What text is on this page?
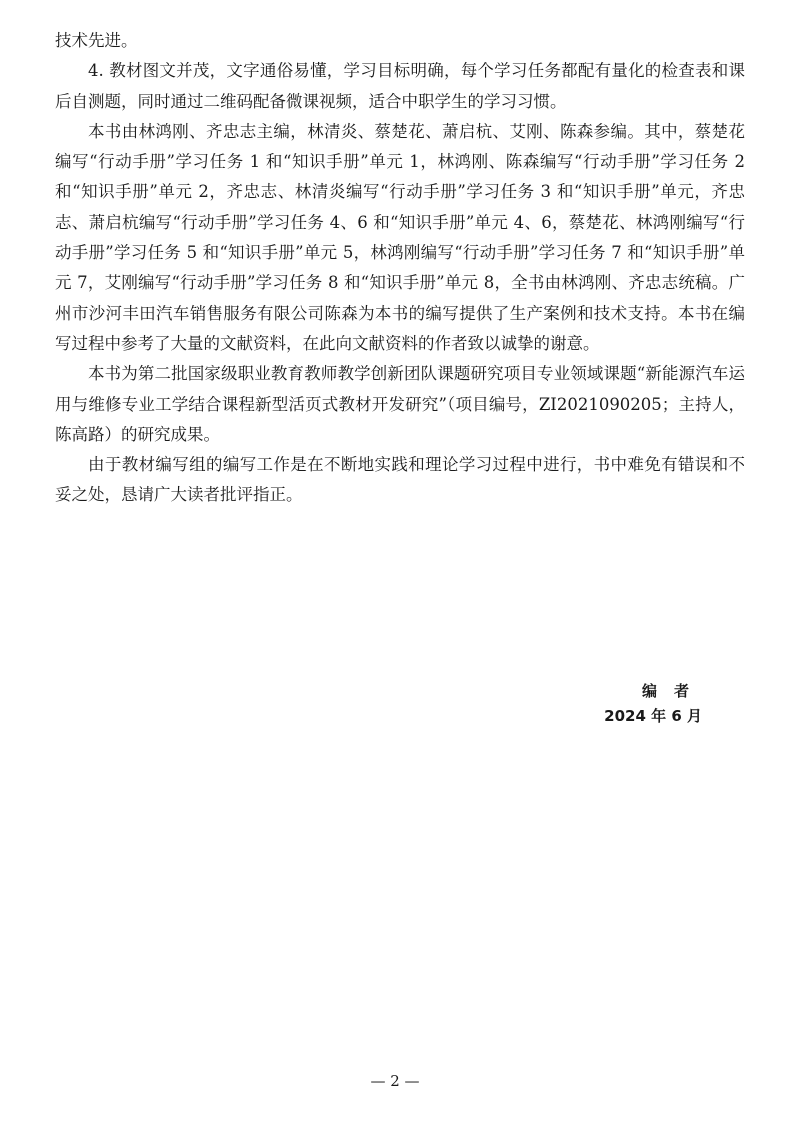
技术先进。

4. 教材图文并茂，文字通俗易懂，学习目标明确，每个学习任务都配有量化的检查表和课后自测题，同时通过二维码配备微课视频，适合中职学生的学习习惯。

本书由林鸿刚、齐忠志主编，林清炎、蔡楚花、萧启杭、艾刚、陈森参编。其中，蔡楚花编写“行动手册”学习任务 1 和“知识手册”单元 1，林鸿刚、陈森编写“行动手册”学习任务 2 和“知识手册”单元 2，齐忠志、林清炎编写“行动手册”学习任务 3 和“知识手册”单元，齐忠志、萧启杭编写“行动手册”学习任务 4、6 和“知识手册”单元 4、6，蔡楚花、林鸿刚编写“行动手册”学习任务 5 和“知识手册”单元 5，林鸿刚编写“行动手册”学习任务 7 和“知识手册”单元 7，艾刚编写“行动手册”学习任务 8 和“知识手册”单元 8，全书由林鸿刚、齐忠志统稿。广州市沙河丰田汽车销售服务有限公司陈森为本书的编写提供了生产案例和技术支持。本书在编写过程中参考了大量的文献资料，在此向文献资料的作者致以诚挚的谢意。

本书为第二批国家级职业教育教师教学创新团队课题研究项目专业领域课题“新能源汽车运用与维修专业工学结合课程新型活页式教材开发研究”（项目编号，ZI2021090205；主持人，陈高路）的研究成果。

由于教材编写组的编写工作是在不断地实践和理论学习过程中进行，书中难免有错误和不妥之处，恳请广大读者批评指正。

编　者
2024 年 6 月
— 2 —
